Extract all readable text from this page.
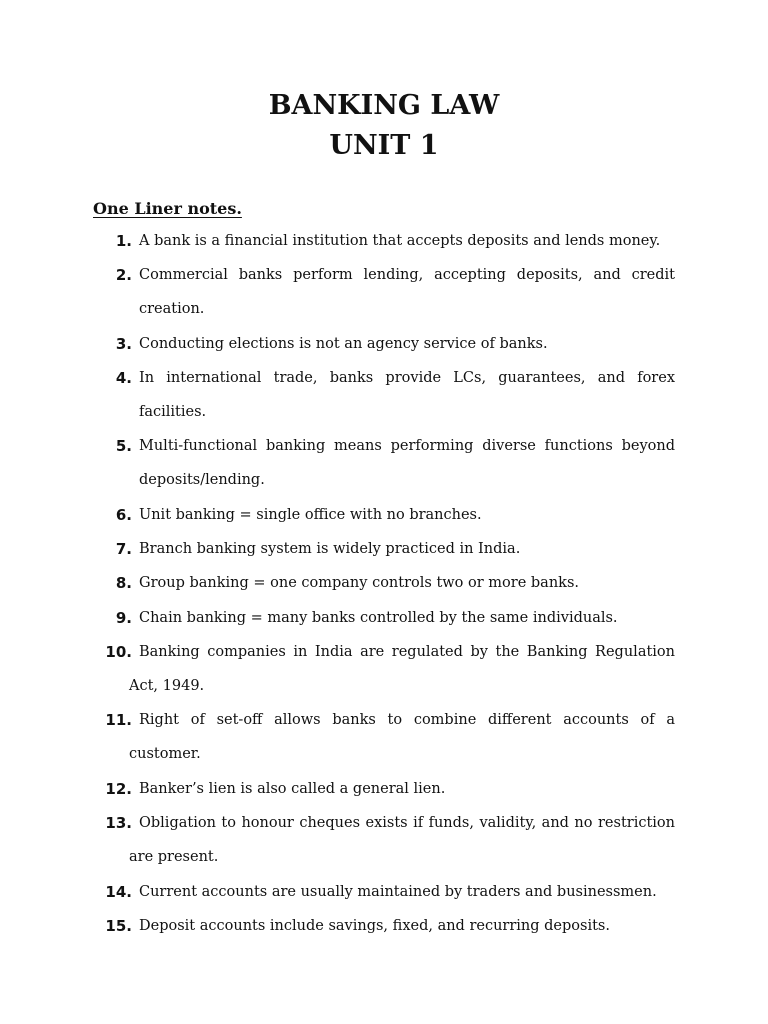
BANKING LAW
UNIT 1
One Liner notes.
1. A bank is a financial institution that accepts deposits and lends money.
2. Commercial banks perform lending, accepting deposits, and credit creation.
3. Conducting elections is not an agency service of banks.
4. In international trade, banks provide LCs, guarantees, and forex facilities.
5. Multi-functional banking means performing diverse functions beyond deposits/lending.
6. Unit banking = single office with no branches.
7. Branch banking system is widely practiced in India.
8. Group banking = one company controls two or more banks.
9. Chain banking = many banks controlled by the same individuals.
10. Banking companies in India are regulated by the Banking Regulation Act, 1949.
11. Right of set-off allows banks to combine different accounts of a customer.
12. Banker’s lien is also called a general lien.
13. Obligation to honour cheques exists if funds, validity, and no restriction are present.
14. Current accounts are usually maintained by traders and businessmen.
15. Deposit accounts include savings, fixed, and recurring deposits.
